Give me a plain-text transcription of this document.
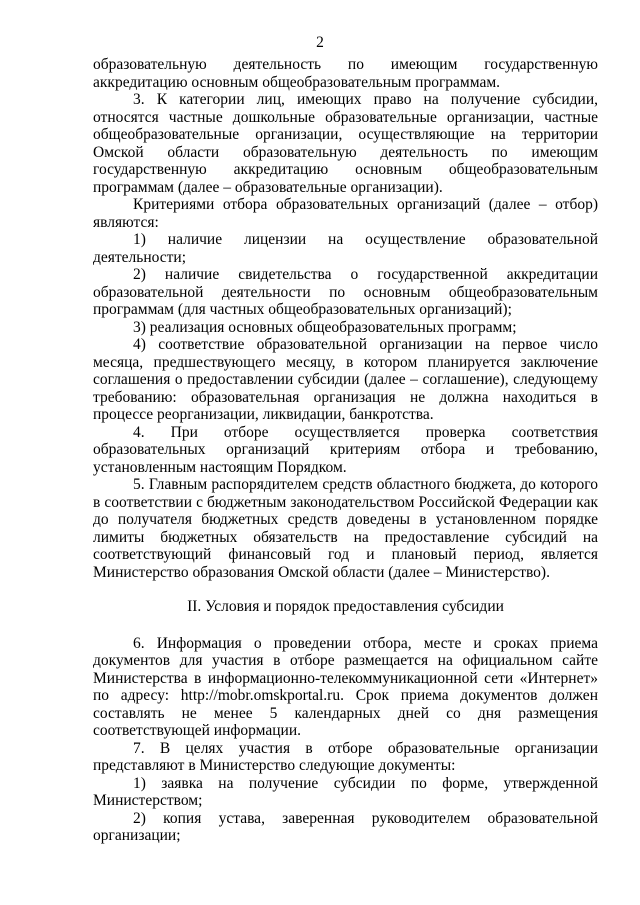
2

образовательную деятельность по имеющим государственную аккредитацию основным общеобразовательным программам.

3. К категории лиц, имеющих право на получение субсидии, относятся частные дошкольные образовательные организации, частные общеобразовательные организации, осуществляющие на территории Омской области образовательную деятельность по имеющим государственную аккредитацию основным общеобразовательным программам (далее – образовательные организации).

Критериями отбора образовательных организаций (далее – отбор) являются:

1) наличие лицензии на осуществление образовательной деятельности;

2) наличие свидетельства о государственной аккредитации образовательной деятельности по основным общеобразовательным программам (для частных общеобразовательных организаций);

3) реализация основных общеобразовательных программ;

4) соответствие образовательной организации на первое число месяца, предшествующего месяцу, в котором планируется заключение соглашения о предоставлении субсидии (далее – соглашение), следующему требованию: образовательная организация не должна находиться в процессе реорганизации, ликвидации, банкротства.

4. При отборе осуществляется проверка соответствия образовательных организаций критериям отбора и требованию, установленным настоящим Порядком.

5. Главным распорядителем средств областного бюджета, до которого в соответствии с бюджетным законодательством Российской Федерации как до получателя бюджетных средств доведены в установленном порядке лимиты бюджетных обязательств на предоставление субсидий на соответствующий финансовый год и плановый период, является Министерство образования Омской области (далее – Министерство).

II. Условия и порядок предоставления субсидии

6. Информация о проведении отбора, месте и сроках приема документов для участия в отборе размещается на официальном сайте Министерства в информационно-телекоммуникационной сети «Интернет» по адресу: http://mobr.omskportal.ru. Срок приема документов должен составлять не менее 5 календарных дней со дня размещения соответствующей информации.

7. В целях участия в отборе образовательные организации представляют в Министерство следующие документы:

1) заявка на получение субсидии по форме, утвержденной Министерством;

2) копия устава, заверенная руководителем образовательной организации;
